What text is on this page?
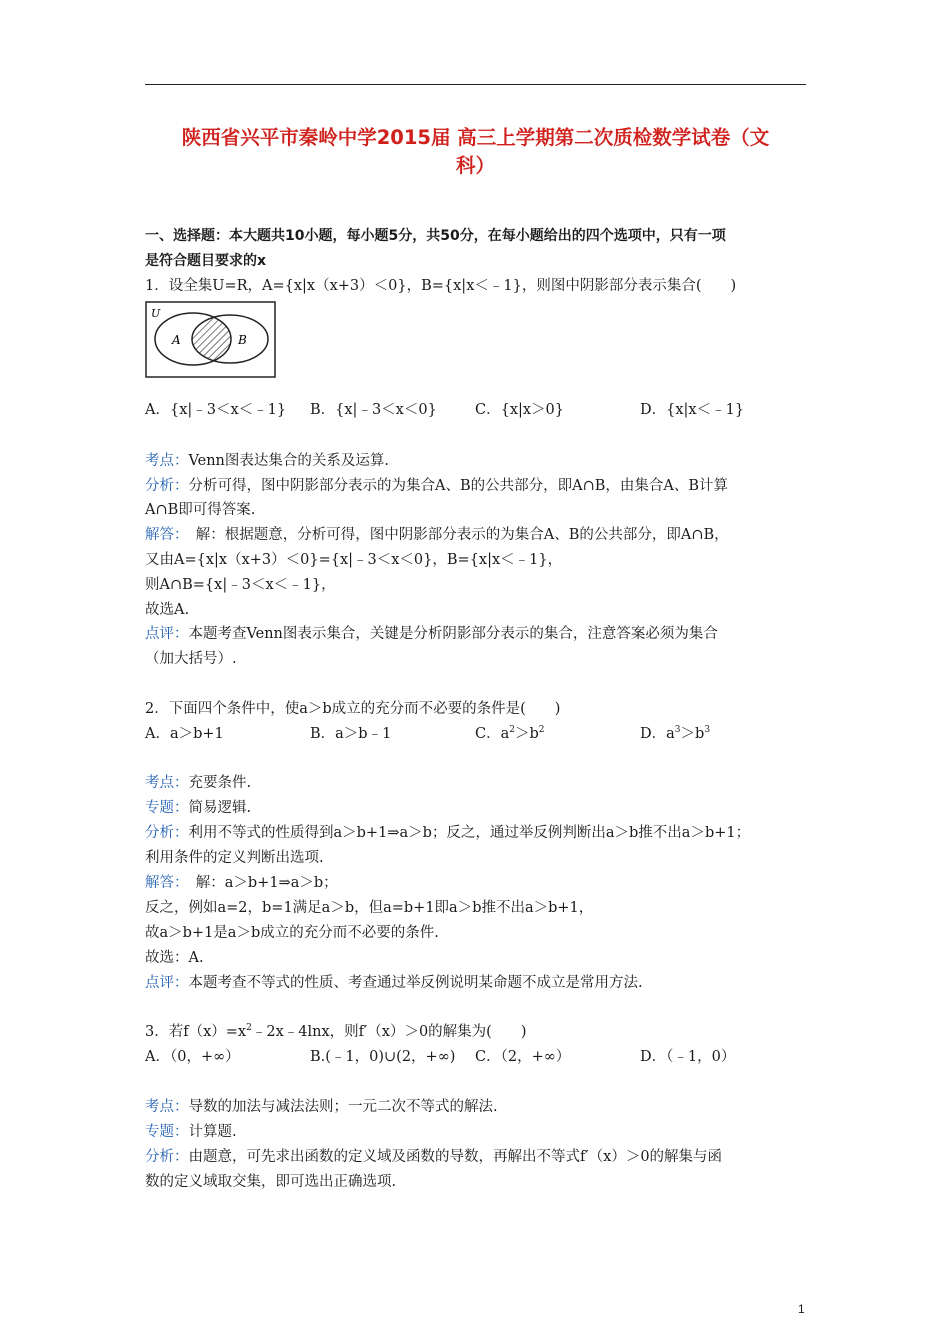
陕西省兴平市秦岭中学2015届 高三上学期第二次质检数学试卷（文
科）
一、选择题：本大题共10小题，每小题5分，共50分，在每小题给出的四个选项中，只有一项
是符合题目要求的x
1．设全集U=R，A={x|x（x+3）＜0}，B={x|x＜﹣1}，则图中阴影部分表示集合(　　)
U
A	B
A．{x|﹣3＜x＜﹣1} B．{x|﹣3＜x＜0}	C．{x|x＞0}	D．{x|x＜﹣1}
考点：Venn图表达集合的关系及运算.
分析：分析可得，图中阴影部分表示的为集合A、B的公共部分，即A∩B，由集合A、B计算
A∩B即可得答案.
解答：　解：根据题意，分析可得，图中阴影部分表示的为集合A、B的公共部分，即A∩B，
又由A={x|x（x+3）＜0}={x|﹣3＜x＜0}，B={x|x＜﹣1}，
则A∩B={x|﹣3＜x＜﹣1}，
故选A.
点评：本题考查Venn图表示集合，关键是分析阴影部分表示的集合，注意答案必须为集合
（加大括号）.
2．下面四个条件中，使a＞b成立的充分而不必要的条件是(　　)
A．a＞b+1	B．a＞b﹣1	C．$a^2>b^2$	D．$a^3>b^3$
考点：充要条件.
专题：简易逻辑.
分析：利用不等式的性质得到a＞b+1⇒a＞b；反之，通过举反例判断出a＞b推不出a＞b+1；
利用条件的定义判断出选项.
解答：　解：a＞b+1⇒a＞b；
反之，例如a=2，b=1满足a＞b，但a=b+1即a＞b推不出a＞b+1，
故a＞b+1是a＞b成立的充分而不必要的条件.
故选：A.
点评：本题考查不等式的性质、考查通过举反例说明某命题不成立是常用方法.
3．若$f(x)=x^2﹣2x﹣4\ln x$，则f′（x）＞0的解集为(　　)
A．（0，+∞）	B.(﹣1，0)∪(2，+∞) C．（2，+∞）	D．（﹣1，0）
考点：导数的加法与减法法则；一元二次不等式的解法.
专题：计算题.
分析：由题意，可先求出函数的定义域及函数的导数，再解出不等式f′（x）＞0的解集与函
数的定义域取交集，即可选出正确选项.
1
